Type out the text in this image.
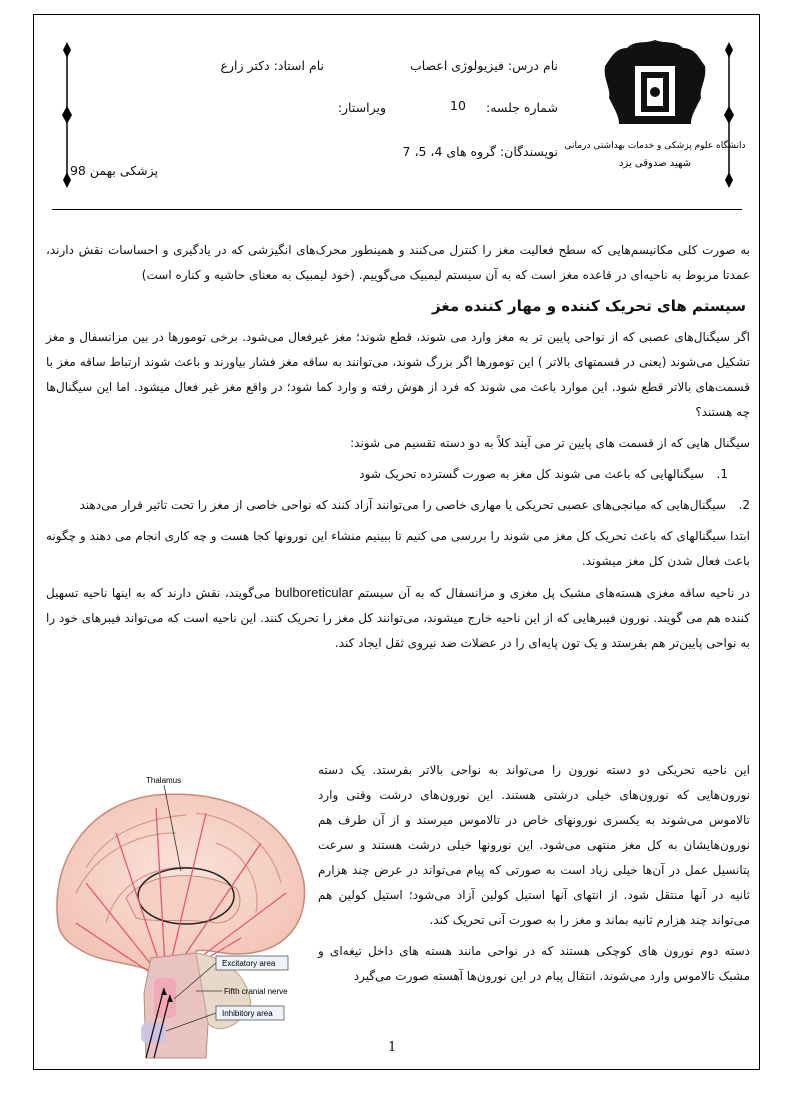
دانشگاه علوم پزشکی و خدمات بهداشتی درمانی
شهید صدوقی یزد
نام درس: فیزیولوژی اعصاب
نام استاد: دکتر زارع
شماره جلسه:
10
ویراستار:
نویسندگان: گروه های 4، 5، 7
پزشکی بهمن 98

به صورت کلی مکانیسم‌هایی که سطح فعالیت مغز را کنترل می‌کنند و همینطور محرک‌های انگیزشی که در یادگیری و احساسات نقش دارند، عمدتا مربوط به ناحیه‌ای در قاعده مغز است که به آن سیستم لیمبیک می‌گوییم. (خود لیمبیک به معنای حاشیه و کناره است)

سیستم های تحریک کننده و مهار کننده مغز

اگر سیگنال‌های عصبی که از نواحی پایین تر به مغز وارد می شوند، قطع شوند؛ مغز غیرفعال می‌شود. برخی تومورها در بین مزانسفال و مغز تشکیل می‌شوند (یعنی در قسمتهای بالاتر ) این تومورها اگر بزرگ شوند، می‌توانند به ساقه مغز فشار بیاورند و باعث شوند ارتباط ساقه مغز با قسمت‌های بالاتر قطع شود. این موارد باعث می شوند که فرد از هوش رفته و وارد کما شود؛ در واقع مغز غیر فعال میشود. اما این سیگنال‌ها چه هستند؟

سیگنال هایی که از قسمت های پایین تر می آیند کلاً به دو دسته تقسیم می شوند:

1.
سیگنالهایی که باعث می شوند کل مغز به صورت گسترده تحریک شود
2.
سیگنال‌هایی که میانجی‌های عصبی تحریکی یا مهاری خاصی را می‌توانند آزاد کنند که نواحی خاصی از مغز را تحت تاثیر قرار می‌دهند

ابتدا سیگنالهای که باعث تحریک کل مغز می شوند را بررسی می کنیم تا ببینیم منشاء این نورونها کجا هست و چه کاری انجام می دهند و چگونه باعث فعال شدن کل مغز میشوند.

در ناحیه ساقه مغزی هسته‌های مشبک پل مغزی و مزانسفال که به آن سیستم bulboreticular می‌گویند، نقش دارند که به اینها ناحیه تسهیل کننده هم می گویند. نورون فیبرهایی که از این ناحیه خارج میشوند، می‌توانند کل مغز را تحریک کنند. این ناحیه است که می‌تواند فیبرهای خود را به نواحی پایین‌تر هم بفرستد و یک تون پایه‌ای را در عضلات ضد نیروی ثقل ایجاد کند.

این ناحیه تحریکی دو دسته نورون را می‌تواند به نواحی بالاتر بفرستد. یک دسته نورون‌هایی که نورون‌های خیلی درشتی هستند. این نورون‌های درشت وقتی وارد تالاموس می‌شوند به یکسری نورونهای خاص در تالاموس میرسند و از آن طرف هم نورون‌هایشان به کل مغز منتهی می‌شود. این نورونها خیلی درشت هستند و سرعت پتانسیل عمل در آن‌ها خیلی زیاد است به صورتی که پیام می‌تواند در عرض چند هزارم ثانیه در آنها منتقل شود. از انتهای آنها استیل کولین آزاد می‌شود؛ استیل کولین هم می‌تواند چند هزارم ثانیه بماند و مغز را به صورت آنی تحریک کند.

دسته دوم نورون های کوچکی هستند که در نواحی مانند هسته های داخل تیغه‌ای و مشبک تالاموس وارد می‌شوند. انتقال پیام در این نورون‌ها آهسته صورت می‌گیرد

Thalamus
Excitatory area
Fifth cranial nerve
Inhibitory area
1
